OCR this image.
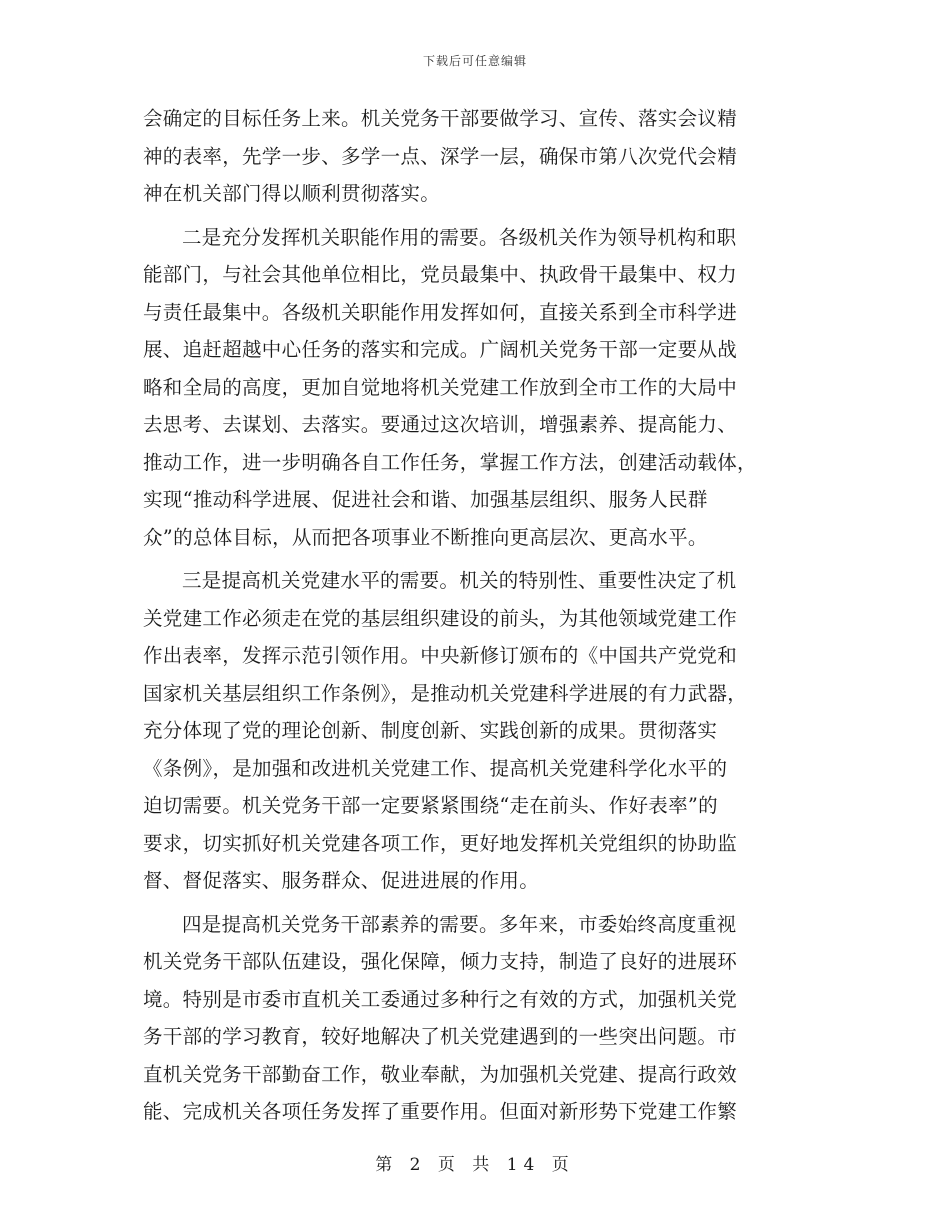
下载后可任意编辑
会确定的目标任务上来。机关党务干部要做学习、宣传、落实会议精
神的表率，先学一步、多学一点、深学一层，确保市第八次党代会精
神在机关部门得以顺利贯彻落实。
二是充分发挥机关职能作用的需要。各级机关作为领导机构和职
能部门，与社会其他单位相比，党员最集中、执政骨干最集中、权力
与责任最集中。各级机关职能作用发挥如何，直接关系到全市科学进
展、追赶超越中心任务的落实和完成。广阔机关党务干部一定要从战
略和全局的高度，更加自觉地将机关党建工作放到全市工作的大局中
去思考、去谋划、去落实。要通过这次培训，增强素养、提高能力、
推动工作，进一步明确各自工作任务，掌握工作方法，创建活动载体，
实现“推动科学进展、促进社会和谐、加强基层组织、服务人民群
众”的总体目标，从而把各项事业不断推向更高层次、更高水平。
三是提高机关党建水平的需要。机关的特别性、重要性决定了机
关党建工作必须走在党的基层组织建设的前头，为其他领域党建工作
作出表率，发挥示范引领作用。中央新修订颁布的《中国共产党党和
国家机关基层组织工作条例》，是推动机关党建科学进展的有力武器，
充分体现了党的理论创新、制度创新、实践创新的成果。贯彻落实
《条例》，是加强和改进机关党建工作、提高机关党建科学化水平的
迫切需要。机关党务干部一定要紧紧围绕“走在前头、作好表率”的
要求，切实抓好机关党建各项工作，更好地发挥机关党组织的协助监
督、督促落实、服务群众、促进进展的作用。
四是提高机关党务干部素养的需要。多年来，市委始终高度重视
机关党务干部队伍建设，强化保障，倾力支持，制造了良好的进展环
境。特别是市委市直机关工委通过多种行之有效的方式，加强机关党
务干部的学习教育，较好地解决了机关党建遇到的一些突出问题。市
直机关党务干部勤奋工作，敬业奉献，为加强机关党建、提高行政效
能、完成机关各项任务发挥了重要作用。但面对新形势下党建工作繁
第 2 页 共 14 页
